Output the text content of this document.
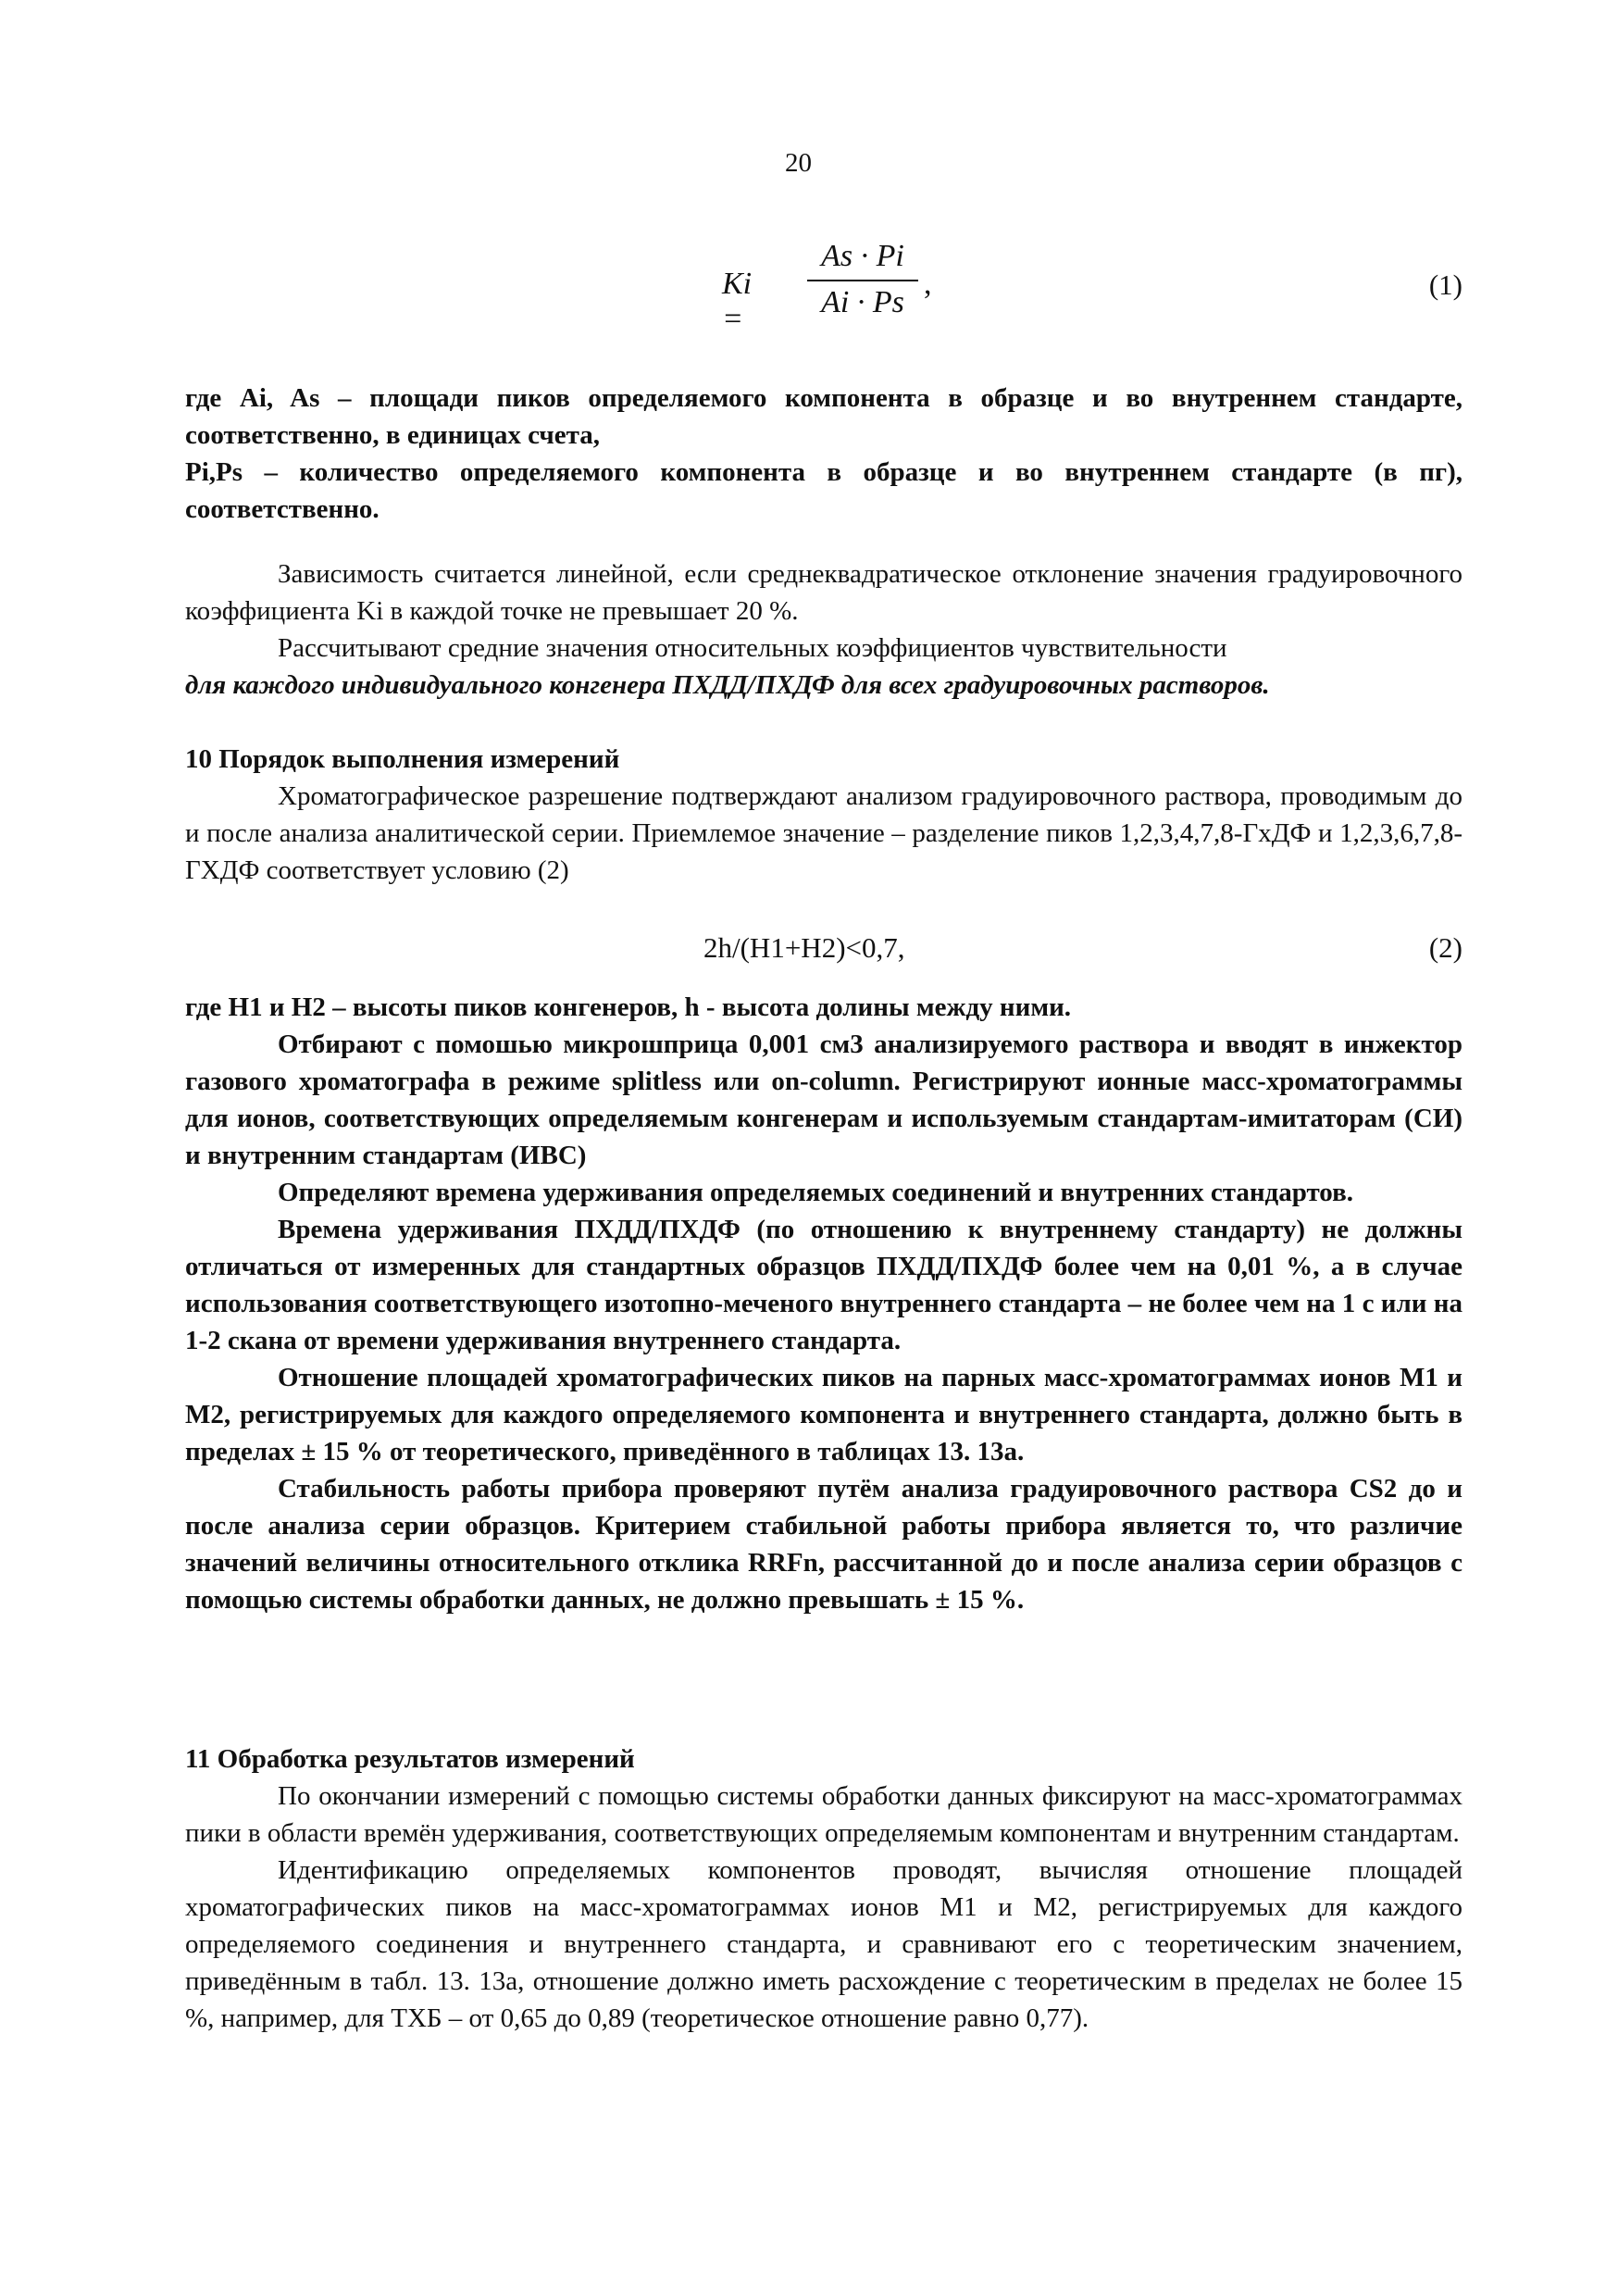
20
Ki =
As · Pi
Ai · Ps
,	(1)

где Ai, As – площади пиков определяемого компонента в образце и во внутреннем стандарте, соответственно, в единицах счета,

Pi,Ps – количество определяемого компонента в образце и во внутреннем стандарте (в пг), соответственно.

Зависимость считается линейной, если среднеквадратическое отклонение значения градуировочного коэффициента Ki в каждой точке не превышает 20 %.

Рассчитывают средние значения относительных коэффициентов чувствительности

для каждого индивидуального конгенера ПХДД/ПХДФ для всех градуировочных растворов.

10 Порядок выполнения измерений

Хроматографическое разрешение подтверждают анализом градуировочного раствора, проводимым до и после анализа аналитической серии. Приемлемое значение – разделение пиков 1,2,3,4,7,8-ГхДФ и 1,2,3,6,7,8-ГХДФ соответствует условию (2)

2h/(H1+H2)<0,7,	(2)

где H1 и H2 – высоты пиков конгенеров, h - высота долины между ними.

Отбирают с помошью микрошприца 0,001 см3 анализируемого раствора и вводят в инжектор газового хроматографа в режиме splitless или on-column. Регистрируют ионные масс-хроматограммы для ионов, соответствующих определяемым конгенерам и используемым стандартам-имитаторам (СИ) и внутренним стандартам (ИВС)

Определяют времена удерживания определяемых соединений и внутренних стандартов.

Времена удерживания ПХДД/ПХДФ (по отношению к внутреннему стандарту) не должны отличаться от измеренных для стандартных образцов ПХДД/ПХДФ более чем на 0,01 %, а в случае использования соответствующего изотопно-меченого внутреннего стандарта – не более чем на 1 с или на 1-2 скана от времени удерживания внутреннего стандарта.

Отношение площадей хроматографических пиков на парных масс-хроматограммах ионов M1 и M2, регистрируемых для каждого определяемого компонента и внутреннего стандарта, должно быть в пределах ± 15 % от теоретического, приведённого в таблицах 13. 13а.

Стабильность работы прибора проверяют путём анализа градуировочного раствора CS2 до и после анализа серии образцов. Критерием стабильной работы прибора является то, что различие значений величины относительного отклика RRFn, рассчитанной до и после анализа серии образцов с помощью системы обработки данных, не должно превышать ± 15 %.

11 Обработка результатов измерений

По окончании измерений с помощью системы обработки данных фиксируют на масс-хроматограммах пики в области времён удерживания, соответствующих определяемым компонентам и внутренним стандартам.

Идентификацию определяемых компонентов проводят, вычисляя отношение площадей хроматографических пиков на масс-хроматограммах ионов M1 и M2, регистрируемых для каждого определяемого соединения и внутреннего стандарта, и сравнивают его с теоретическим значением, приведённым в табл. 13. 13а, отношение должно иметь расхождение с теоретическим в пределах не более 15 %, например, для ТХБ – от 0,65 до 0,89 (теоретическое отношение равно 0,77).
